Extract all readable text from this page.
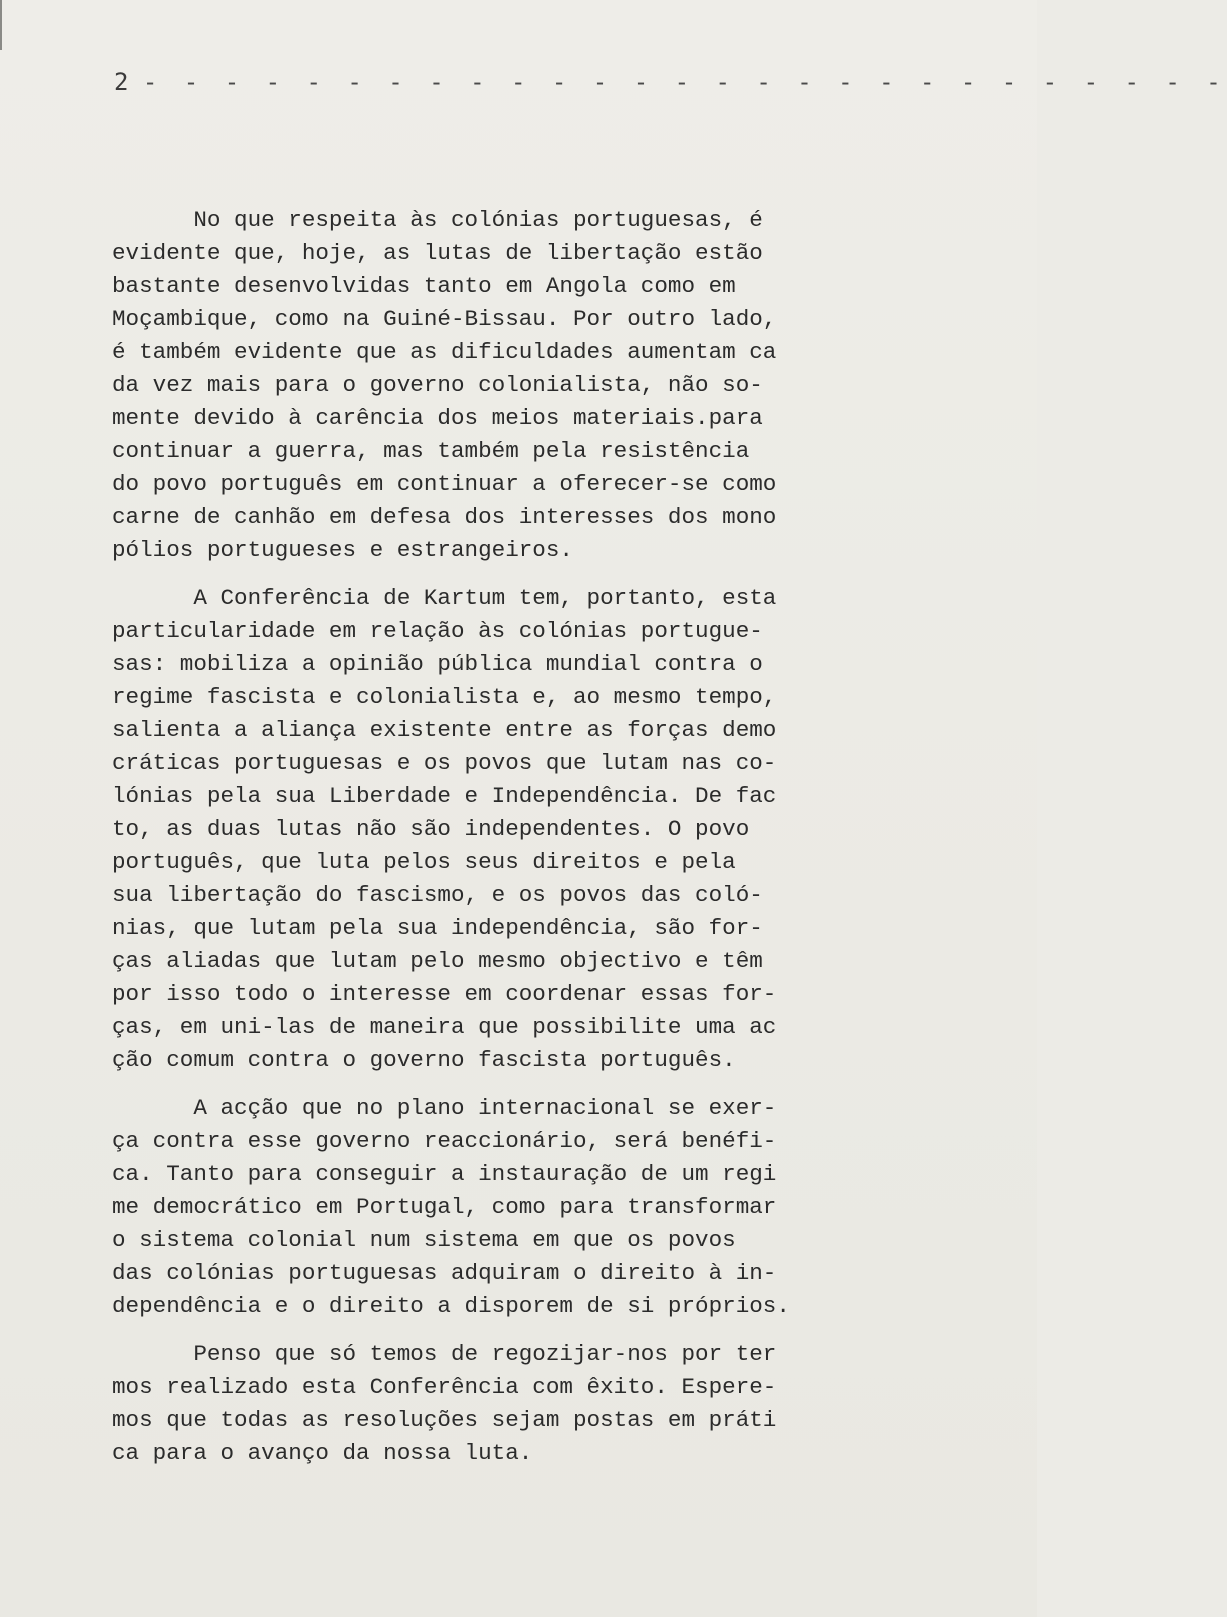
2 - - - - - - - - - - - - - - - - - - - - - - - - - - -
No que respeita às colónias portuguesas, é
evidente que, hoje, as lutas de libertação estão
bastante desenvolvidas tanto em Angola como em
Moçambique, como na Guiné-Bissau. Por outro lado,
é também evidente que as dificuldades aumentam ca
da vez mais para o governo colonialista, não so-
mente devido à carência dos meios materiais.para
continuar a guerra, mas também pela resistência
do povo português em continuar a oferecer-se como
carne de canhão em defesa dos interesses dos mono
pólios portugueses e estrangeiros.
A Conferência de Kartum tem, portanto, esta
particularidade em relação às colónias portugue-
sas: mobiliza a opinião pública mundial contra o
regime fascista e colonialista e, ao mesmo tempo,
salienta a aliança existente entre as forças demo
cráticas portuguesas e os povos que lutam nas co-
lónias pela sua Liberdade e Independência. De fac
to, as duas lutas não são independentes. O povo
português, que luta pelos seus direitos e pela
sua libertação do fascismo, e os povos das coló-
nias, que lutam pela sua independência, são for-
ças aliadas que lutam pelo mesmo objectivo e têm
por isso todo o interesse em coordenar essas for-
ças, em uni-las de maneira que possibilite uma ac
ção comum contra o governo fascista português.
A acção que no plano internacional se exer-
ça contra esse governo reaccionário, será benéfi-
ca. Tanto para conseguir a instauração de um regi
me democrático em Portugal, como para transformar
o sistema colonial num sistema em que os povos
das colónias portuguesas adquiram o direito à in-
dependência e o direito a disporem de si próprios.
Penso que só temos de regozijar-nos por ter
mos realizado esta Conferência com êxito. Espere-
mos que todas as resoluções sejam postas em práti
ca para o avanço da nossa luta.
